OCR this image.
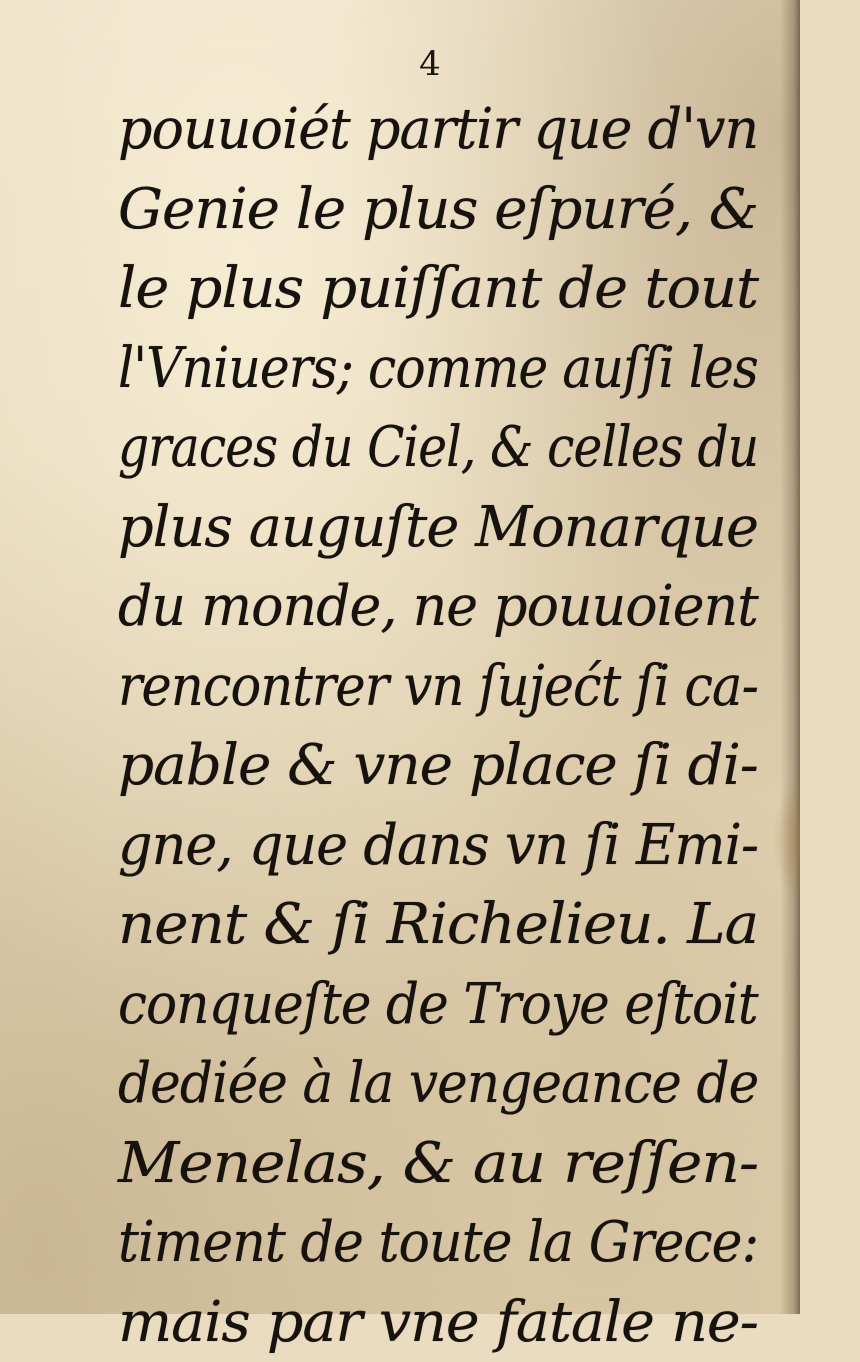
4
pouuoiét partir que d'vn
Genie le plus eſpuré, &
le plus puiſſant de tout
l'Vniuers; comme auſſi les
graces du Ciel, & celles du
plus auguſte Monarque
du monde, ne pouuoient
rencontrer vn ſujećt ſi ca-
pable & vne place ſi di-
gne, que dans vn ſi Emi-
nent & ſi Richelieu. La
conqueſte de Troye eſtoit
dediée à la vengeance de
Menelas, & au reſſen-
timent de toute la Grece:
mais par vne fatale ne-
